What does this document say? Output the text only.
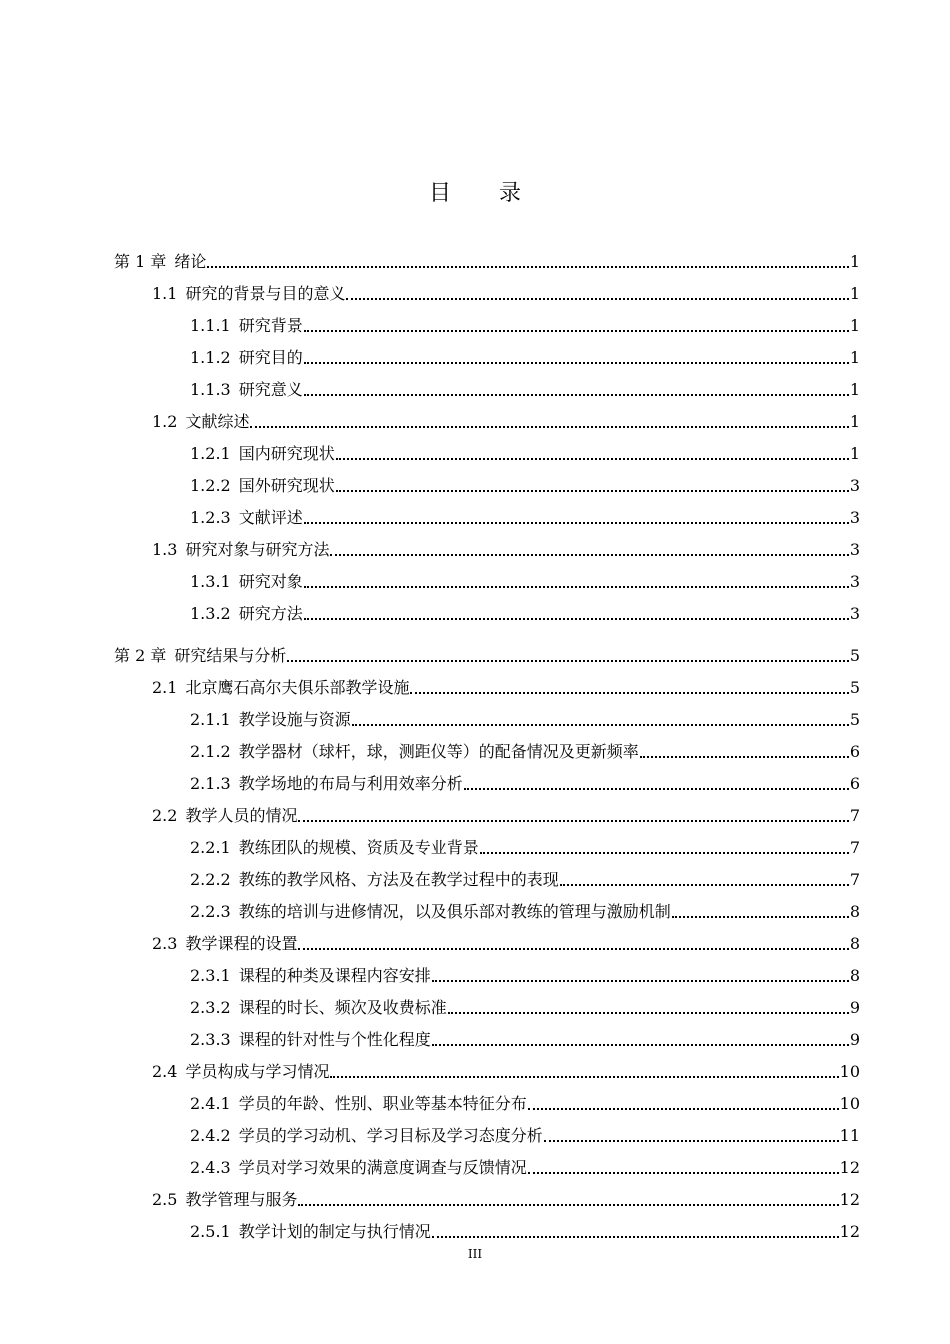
目录
第 1 章 绪论	1
1.1 研究的背景与目的意义	1
1.1.1 研究背景	1
1.1.2 研究目的	1
1.1.3 研究意义	1
1.2 文献综述	1
1.2.1 国内研究现状	1
1.2.2 国外研究现状	3
1.2.3 文献评述	3
1.3 研究对象与研究方法	3
1.3.1 研究对象	3
1.3.2 研究方法	3
第 2 章 研究结果与分析	5
2.1 北京鹰石高尔夫俱乐部教学设施	5
2.1.1 教学设施与资源	5
2.1.2 教学器材（球杆，球，测距仪等）的配备情况及更新频率	6
2.1.3 教学场地的布局与利用效率分析	6
2.2 教学人员的情况	7
2.2.1 教练团队的规模、资质及专业背景	7
2.2.2 教练的教学风格、方法及在教学过程中的表现	7
2.2.3 教练的培训与进修情况，以及俱乐部对教练的管理与激励机制	8
2.3 教学课程的设置	8
2.3.1 课程的种类及课程内容安排	8
2.3.2 课程的时长、频次及收费标准	9
2.3.3 课程的针对性与个性化程度	9
2.4 学员构成与学习情况	10
2.4.1 学员的年龄、性别、职业等基本特征分布	10
2.4.2 学员的学习动机、学习目标及学习态度分析	11
2.4.3 学员对学习效果的满意度调查与反馈情况	12
2.5 教学管理与服务	12
2.5.1 教学计划的制定与执行情况	12
III
